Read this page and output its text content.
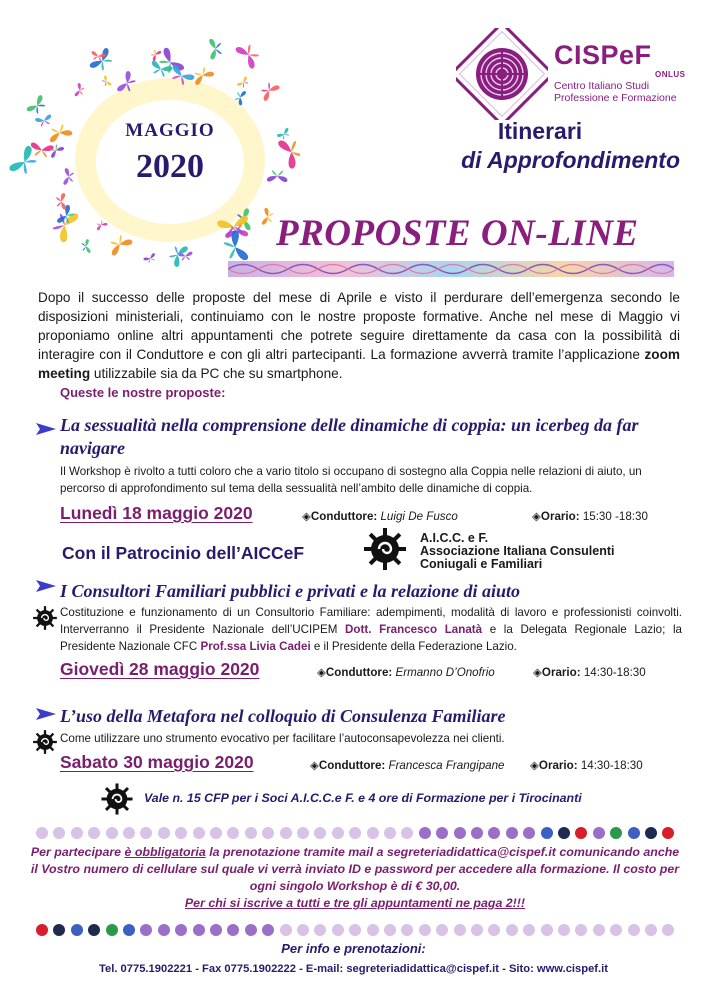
MAGGIO
2020
CISPeF
ONLUS
Centro Italiano Studi Professione e Formazione
Itinerari
di Approfondimento
PROPOSTE ON-LINE
Dopo il successo delle proposte del mese di Aprile e visto il perdurare dell’emergenza secondo le disposizioni ministeriali, continuiamo con le nostre proposte formative. Anche nel mese di Maggio vi proponiamo online altri appuntamenti che potrete seguire direttamente da casa con la possibilità di interagire con il Conduttore e con gli altri partecipanti. La formazione avverrà tramite l’applicazione zoom meeting utilizzabile sia da PC che su smartphone.
Queste le nostre proposte:
La sessualità nella comprensione delle dinamiche di coppia: un icerbeg da far navigare
Il Workshop è rivolto a tutti coloro che a vario titolo si occupano di sostegno alla Coppia nelle relazioni di aiuto, un percorso di approfondimento sul tema della sessualità nell’ambito delle dinamiche di coppia.
Lunedì 18 maggio 2020	◈Conduttore: Luigi De Fusco	◈Orario: 15:30 -18:30
Con il Patrocinio dell’AICCeF
A.I.C.C. e F.
Associazione Italiana Consulenti
Coniugali e Familiari
I Consultori Familiari pubblici e privati e la relazione di aiuto
Costituzione e funzionamento di un Consultorio Familiare: adempimenti, modalità di lavoro e professionisti coinvolti. Interverranno il Presidente Nazionale dell’UCIPEM Dott. Francesco Lanatà e la Delegata Regionale Lazio; la Presidente Nazionale CFC Prof.ssa Livia Cadei e il Presidente della Federazione Lazio.
Giovedì 28 maggio 2020	◈Conduttore: Ermanno D’Onofrio	◈Orario: 14:30-18:30
L’uso della Metafora nel colloquio di Consulenza Familiare
Come utilizzare uno strumento evocativo per facilitare l’autoconsapevolezza nei clienti.
Sabato 30 maggio 2020	◈Conduttore: Francesca Frangipane ◈Orario: 14:30-18:30
Vale n. 15 CFP per i Soci A.I.C.C.e F. e 4 ore di Formazione per i Tirocinanti
Per partecipare è obbligatoria la prenotazione tramite mail a segreteriadidattica@cispef.it comunicando anche il Vostro numero di cellulare sul quale vi verrà inviato ID e password per accedere alla formazione. Il costo per ogni singolo Workshop è di € 30,00.
Per chi si iscrive a tutti e tre gli appuntamenti ne paga 2!!!
Per info e prenotazioni:
Tel. 0775.1902221 - Fax 0775.1902222 - E-mail: segreteriadidattica@cispef.it - Sito: www.cispef.it
